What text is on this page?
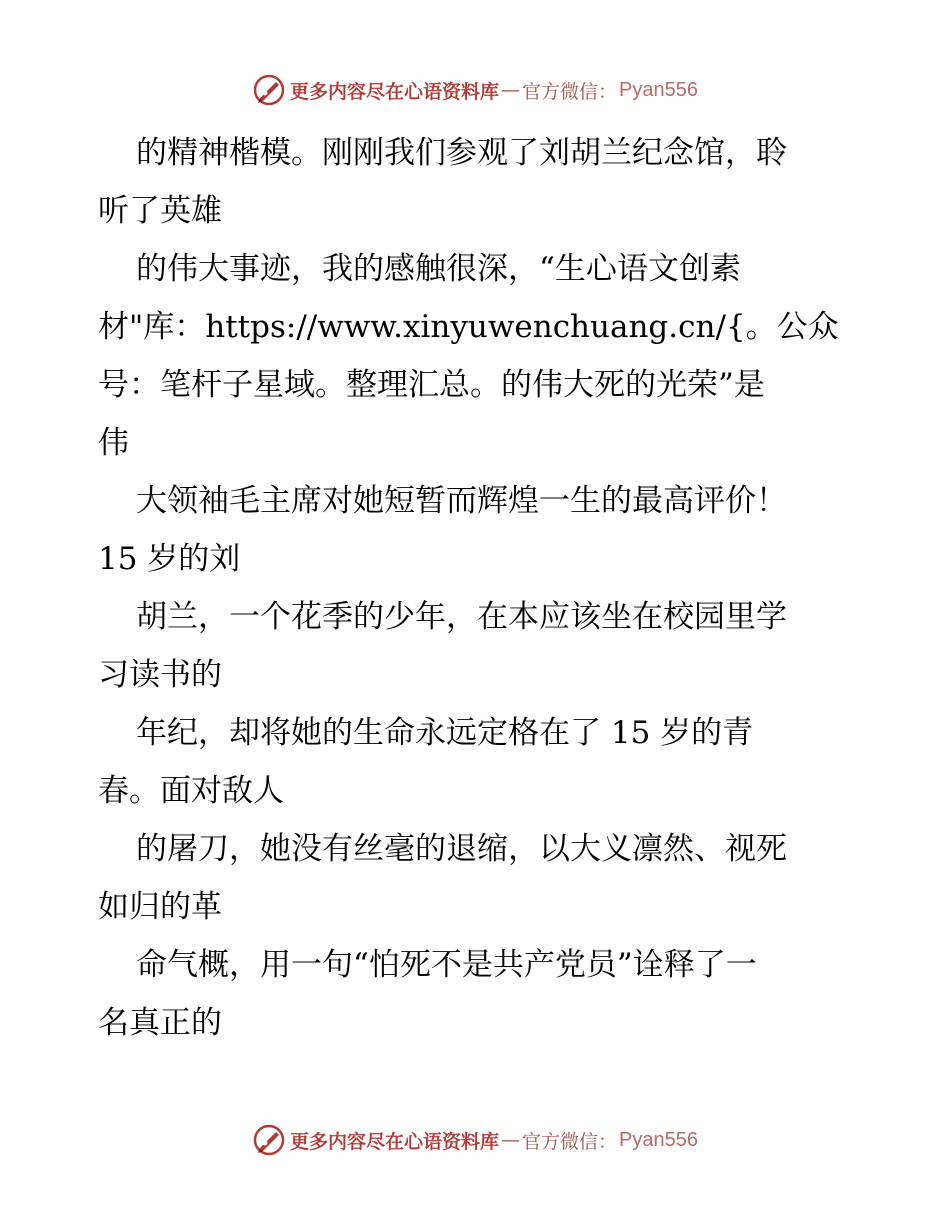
更多内容尽在心语资料库 — 官方微信： Pyan556
的精神楷模。刚刚我们参观了刘胡兰纪念馆，聆
听了英雄
的伟大事迹，我的感触很深，“生心语文创素
材"库：https://www.xinyuwenchuang.cn/{。公众
号：笔杆子星域。整理汇总。的伟大死的光荣”是
伟
大领袖毛主席对她短暂而辉煌一生的最高评价！
15 岁的刘
胡兰，一个花季的少年，在本应该坐在校园里学
习读书的
年纪，却将她的生命永远定格在了 15 岁的青
春。面对敌人
的屠刀，她没有丝毫的退缩，以大义凛然、视死
如归的革
命气概，用一句“怕死不是共产党员”诠释了一
名真正的
更多内容尽在心语资料库 — 官方微信： Pyan556
